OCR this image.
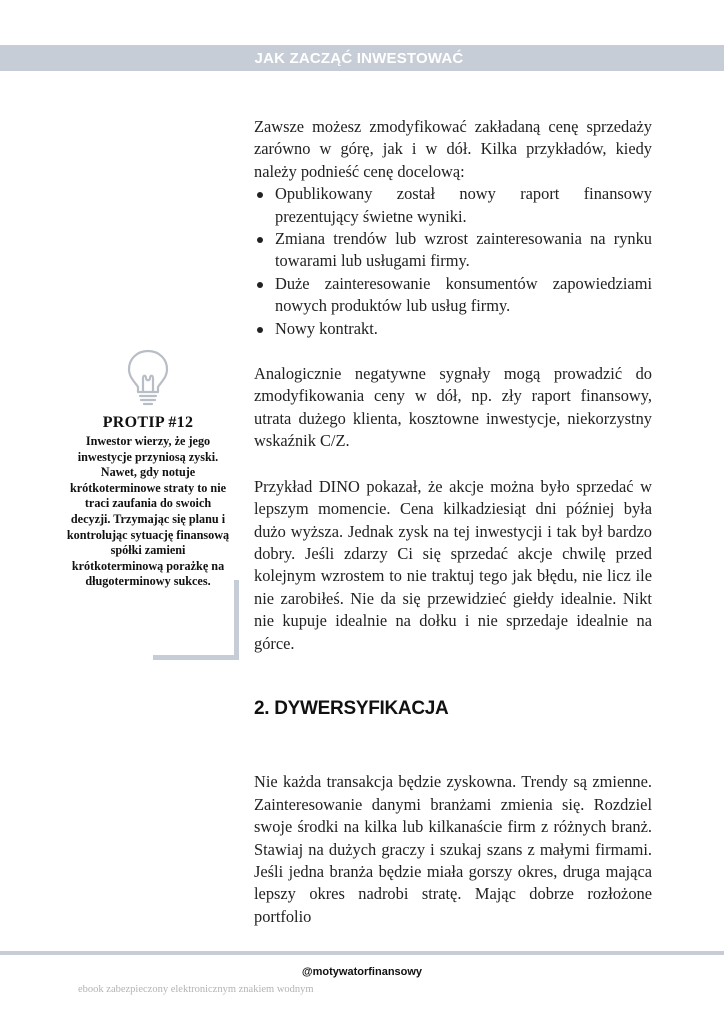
JAK ZACZĄĆ INWESTOWAĆ
PROTIP #12
Inwestor wierzy, że jego inwestycje przyniosą zyski. Nawet, gdy notuje krótkoterminowe straty to nie traci zaufania do swoich decyzji. Trzymając się planu i kontrolując sytuację finansową spółki zamieni krótkoterminową porażkę na długoterminowy sukces.

Zawsze możesz zmodyfikować zakładaną cenę sprzedaży zarówno w górę, jak i w dół. Kilka przykładów, kiedy należy podnieść cenę docelową:

Opublikowany został nowy raport finansowy prezentujący świetne wyniki.
Zmiana trendów lub wzrost zainteresowania na rynku towarami lub usługami firmy.
Duże zainteresowanie konsumentów zapowiedziami nowych produktów lub usług firmy.
Nowy kontrakt.

Analogicznie negatywne sygnały mogą prowadzić do zmodyfikowania ceny w dół, np. zły raport finansowy, utrata dużego klienta, kosztowne inwestycje, niekorzystny wskaźnik C/Z.

Przykład DINO pokazał, że akcje można było sprzedać w lepszym momencie. Cena kilkadziesiąt dni później była dużo wyższa. Jednak zysk na tej inwestycji i tak był bardzo dobry. Jeśli zdarzy Ci się sprzedać akcje chwilę przed kolejnym wzrostem to nie traktuj tego jak błędu, nie licz ile nie zarobiłeś. Nie da się przewidzieć giełdy idealnie. Nikt nie kupuje idealnie na dołku i nie sprzedaje idealnie na górce.

2. DYWERSYFIKACJA

Nie każda transakcja będzie zyskowna. Trendy są zmienne. Zainteresowanie danymi branżami zmienia się. Rozdziel swoje środki na kilka lub kilkanaście firm z różnych branż. Stawiaj na dużych graczy i szukaj szans z małymi firmami. Jeśli jedna branża będzie miała gorszy okres, druga mająca lepszy okres nadrobi stratę. Mając dobrze rozłożone portfolio

@motywatorfinansowy
ebook zabezpieczony elektronicznym znakiem wodnym
